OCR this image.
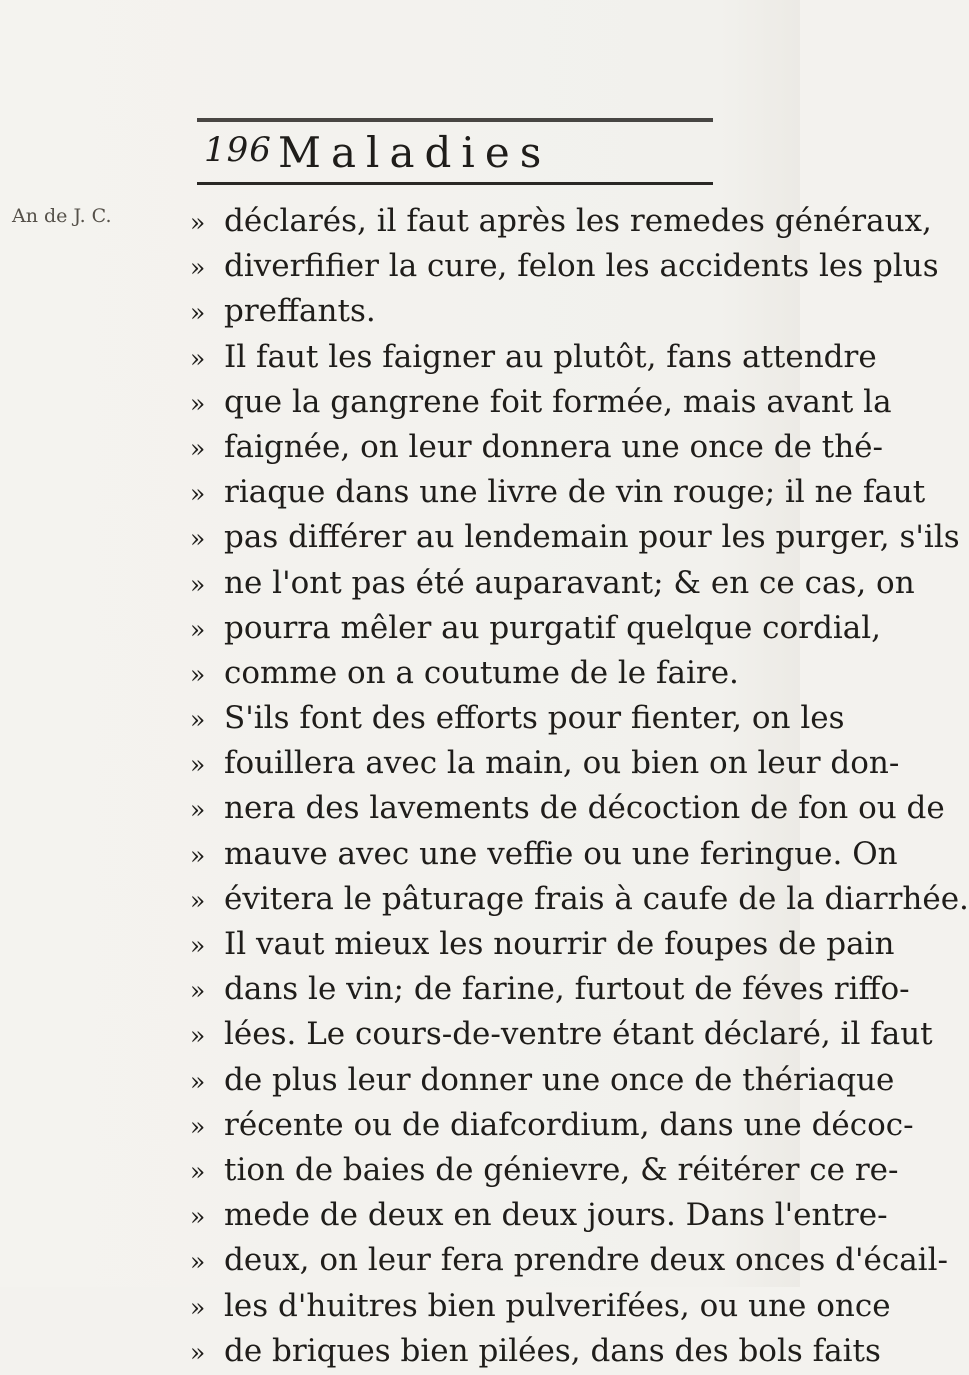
196 Maladies
An de J. C.	» déclarés, il faut après les remedes généraux,
» diverfifier la cure, felon les accidents les plus
» preffants.
» Il faut les faigner au plutôt, fans attendre
» que la gangrene foit formée, mais avant la
» faignée, on leur donnera une once de thé-
» riaque dans une livre de vin rouge; il ne faut
» pas différer au lendemain pour les purger, s'ils
» ne l'ont pas été auparavant; & en ce cas, on
» pourra mêler au purgatif quelque cordial,
» comme on a coutume de le faire.
» S'ils font des efforts pour fienter, on les
» fouillera avec la main, ou bien on leur don-
» nera des lavements de décoction de fon ou de
» mauve avec une veffie ou une feringue. On
» évitera le pâturage frais à caufe de la diarrhée.
» Il vaut mieux les nourrir de foupes de pain
» dans le vin; de farine, furtout de féves riffo-
» lées. Le cours-de-ventre étant déclaré, il faut
» de plus leur donner une once de thériaque
» récente ou de diafcordium, dans une décoc-
» tion de baies de génievre, & réitérer ce re-
» mede de deux en deux jours. Dans l'entre-
» deux, on leur fera prendre deux onces d'écail-
» les d'huitres bien pulverifées, ou une once
» de briques bien pilées, dans des bols faits
